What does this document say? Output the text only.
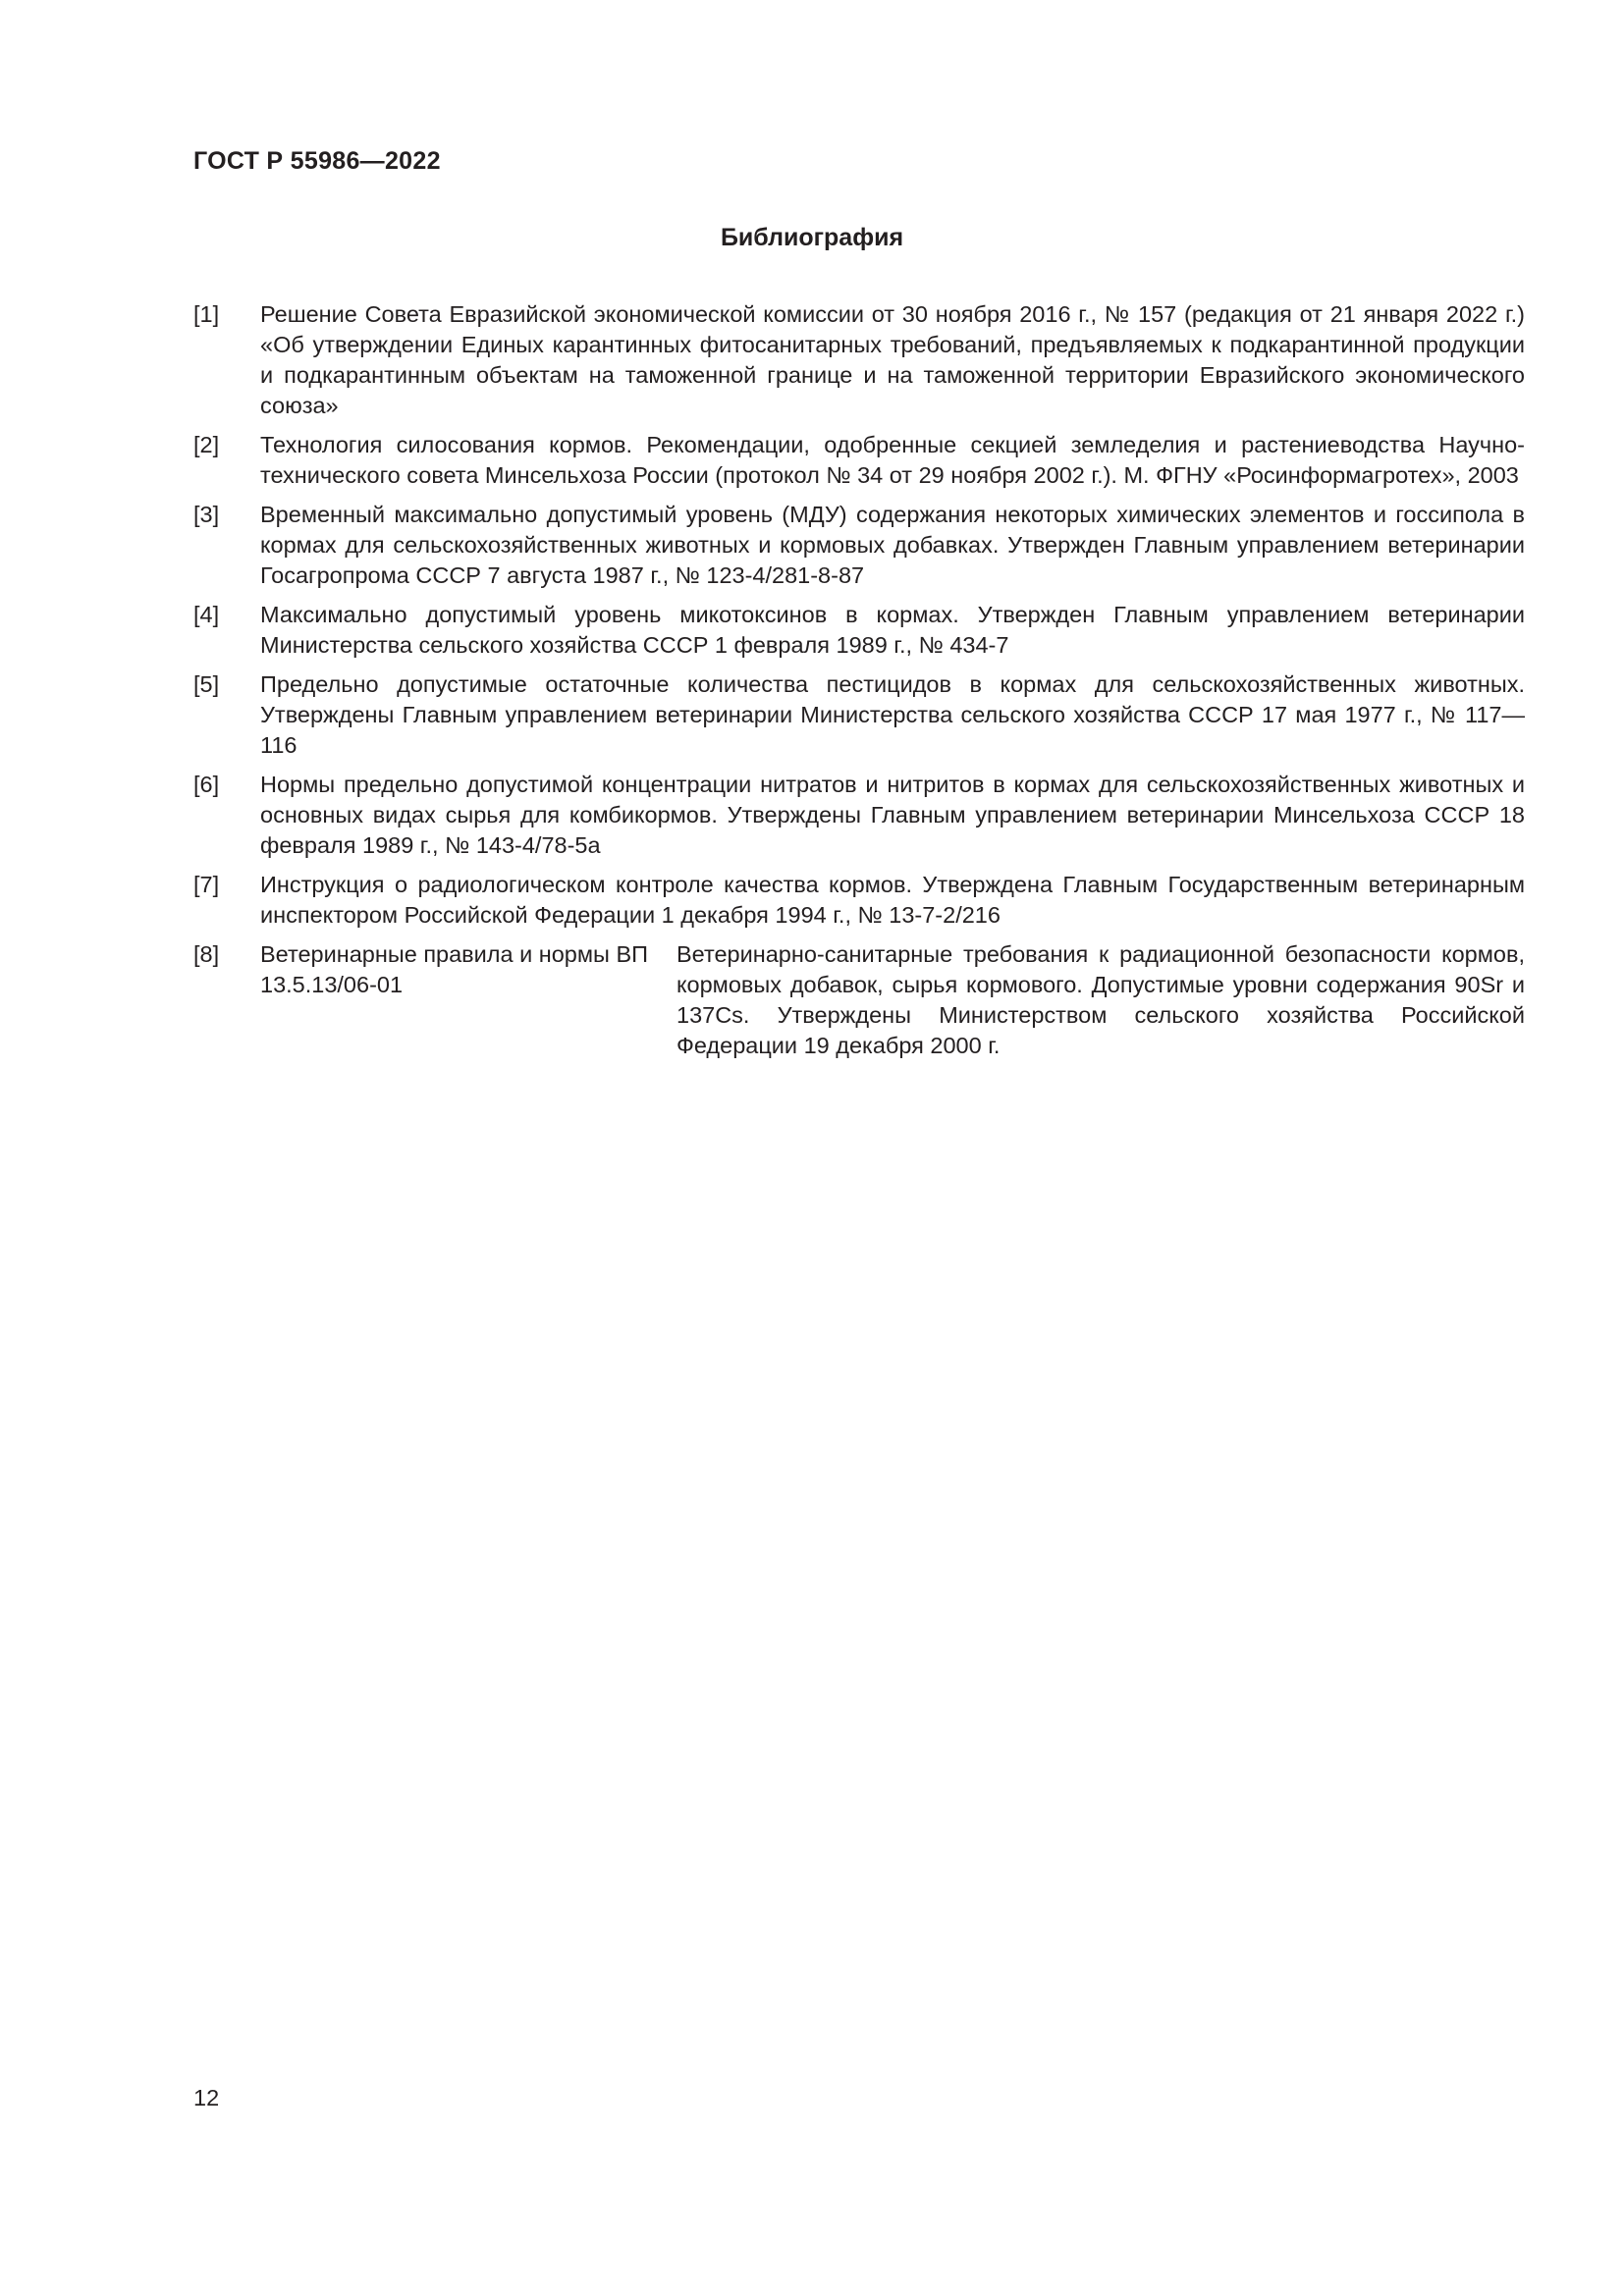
ГОСТ Р 55986—2022
Библиография
[1] Решение Совета Евразийской экономической комиссии от 30 ноября 2016 г., № 157 (редакция от 21 января 2022 г.) «Об утверждении Единых карантинных фитосанитарных требований, предъявляемых к подкарантинной продукции и подкарантинным объектам на таможенной границе и на таможенной территории Евразийского экономического союза»
[2] Технология силосования кормов. Рекомендации, одобренные секцией земледелия и растениеводства Научно-технического совета Минсельхоза России (протокол № 34 от 29 ноября 2002 г.). М. ФГНУ «Росинформагротех», 2003
[3] Временный максимально допустимый уровень (МДУ) содержания некоторых химических элементов и госсипола в кормах для сельскохозяйственных животных и кормовых добавках. Утвержден Главным управлением ветеринарии Госагропрома СССР 7 августа 1987 г., № 123-4/281-8-87
[4] Максимально допустимый уровень микотоксинов в кормах. Утвержден Главным управлением ветеринарии Министерства сельского хозяйства СССР 1 февраля 1989 г., № 434-7
[5] Предельно допустимые остаточные количества пестицидов в кормах для сельскохозяйственных животных. Утверждены Главным управлением ветеринарии Министерства сельского хозяйства СССР 17 мая 1977 г., № 117—116
[6] Нормы предельно допустимой концентрации нитратов и нитритов в кормах для сельскохозяйственных животных и основных видах сырья для комбикормов. Утверждены Главным управлением ветеринарии Минсельхоза СССР 18 февраля 1989 г., № 143-4/78-5а
[7] Инструкция о радиологическом контроле качества кормов. Утверждена Главным Государственным ветеринарным инспектором Российской Федерации 1 декабря 1994 г., № 13-7-2/216
[8] Ветеринарные правила и нормы ВП 13.5.13/06-01
Ветеринарно-санитарные требования к радиационной безопасности кормов, кормовых добавок, сырья кормового. Допустимые уровни содержания 90Sr и 137Cs. Утверждены Министерством сельского хозяйства Российской Федерации 19 декабря 2000 г.
12
